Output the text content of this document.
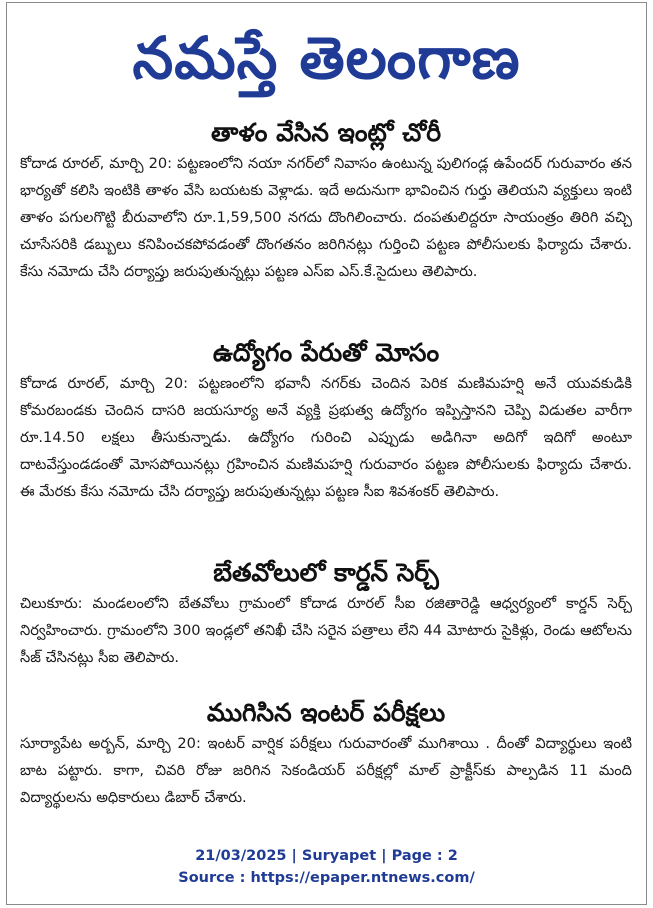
నమస్తే తెలంగాణ
తాళం వేసిన ఇంట్లో చోరీ

కోదాడ రూరల్, మార్చి 20: పట్టణంలోని నయా నగర్‌లో నివాసం ఉంటున్న పులిగండ్ల ఉపేందర్ గురువారం తన భార్యతో కలిసి ఇంటికి తాళం వేసి బయటకు వెళ్లాడు. ఇదే అదునుగా భావించిన గుర్తు తెలియని వ్యక్తులు ఇంటి తాళం పగులగొట్టి బీరువాలోని రూ.1,59,500 నగదు దొంగిలించారు. దంపతులిద్దరూ సాయంత్రం తిరిగి వచ్చి చూసేసరికి డబ్బులు కనిపించకపోవడంతో దొంగతనం జరిగినట్లు గుర్తించి పట్టణ పోలీసులకు ఫిర్యాదు చేశారు. కేసు నమోదు చేసి దర్యాప్తు జరుపుతున్నట్లు పట్టణ ఎస్ఐ ఎస్.కే.సైదులు తెలిపారు.

ఉద్యోగం పేరుతో మోసం

కోదాడ రూరల్, మార్చి 20: పట్టణంలోని భవానీ నగర్‌కు చెందిన పెరిక మణిమహర్షి అనే యువకుడికి కోమరబండకు చెందిన దాసరి జయసూర్య అనే వ్యక్తి ప్రభుత్వ ఉద్యోగం ఇప్పిస్తానని చెప్పి విడుతల వారీగా రూ.14.50 లక్షలు తీసుకున్నాడు. ఉద్యోగం గురించి ఎప్పుడు అడిగినా అదిగో ఇదిగో అంటూ దాటవేస్తుండడంతో మోసపోయినట్లు గ్రహించిన మణిమహర్షి గురువారం పట్టణ పోలీసులకు ఫిర్యాదు చేశారు. ఈ మేరకు కేసు నమోదు చేసి దర్యాప్తు జరుపుతున్నట్లు పట్టణ సీఐ శివశంకర్ తెలిపారు.

బేతవోలులో కార్డన్ సెర్చ్

చిలుకూరు: మండలంలోని బేతవోలు గ్రామంలో కోదాడ రూరల్ సీఐ రజితారెడ్డి ఆధ్వర్యంలో కార్డన్ సెర్చ్ నిర్వహించారు. గ్రామంలోని 300 ఇండ్లలో తనిఖీ చేసి సరైన పత్రాలు లేని 44 మోటారు సైకిళ్లు, రెండు ఆటోలను సీజ్ చేసినట్లు సీఐ తెలిపారు.

ముగిసిన ఇంటర్ పరీక్షలు

సూర్యాపేట అర్బన్, మార్చి 20: ఇంటర్ వార్షిక పరీక్షలు గురువారంతో ముగిశాయి . దీంతో విద్యార్థులు ఇంటి బాట పట్టారు. కాగా, చివరి రోజు జరిగిన సెకండియర్ పరీక్షల్లో మాల్ ప్రాక్టీస్‌కు పాల్పడిన 11 మంది విద్యార్థులను అధికారులు డిబార్ చేశారు.

21/03/2025 | Suryapet | Page : 2
Source : https://epaper.ntnews.com/
